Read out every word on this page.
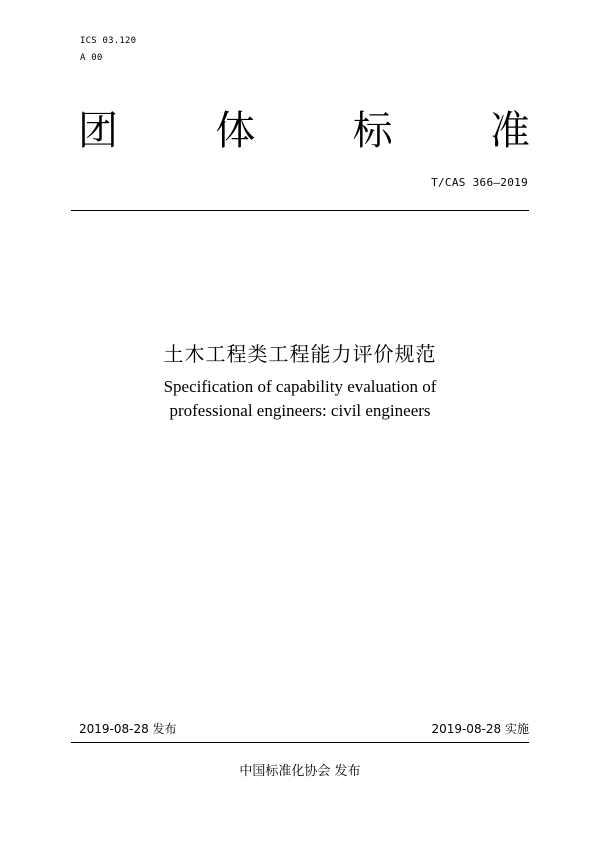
ICS 03.120
A 00
团 体 标 准
T/CAS 366—2019
土木工程类工程能力评价规范
Specification of capability evaluation of
professional engineers: civil engineers
2019-08-28 发布	2019-08-28 实施
中国标准化协会 发布
